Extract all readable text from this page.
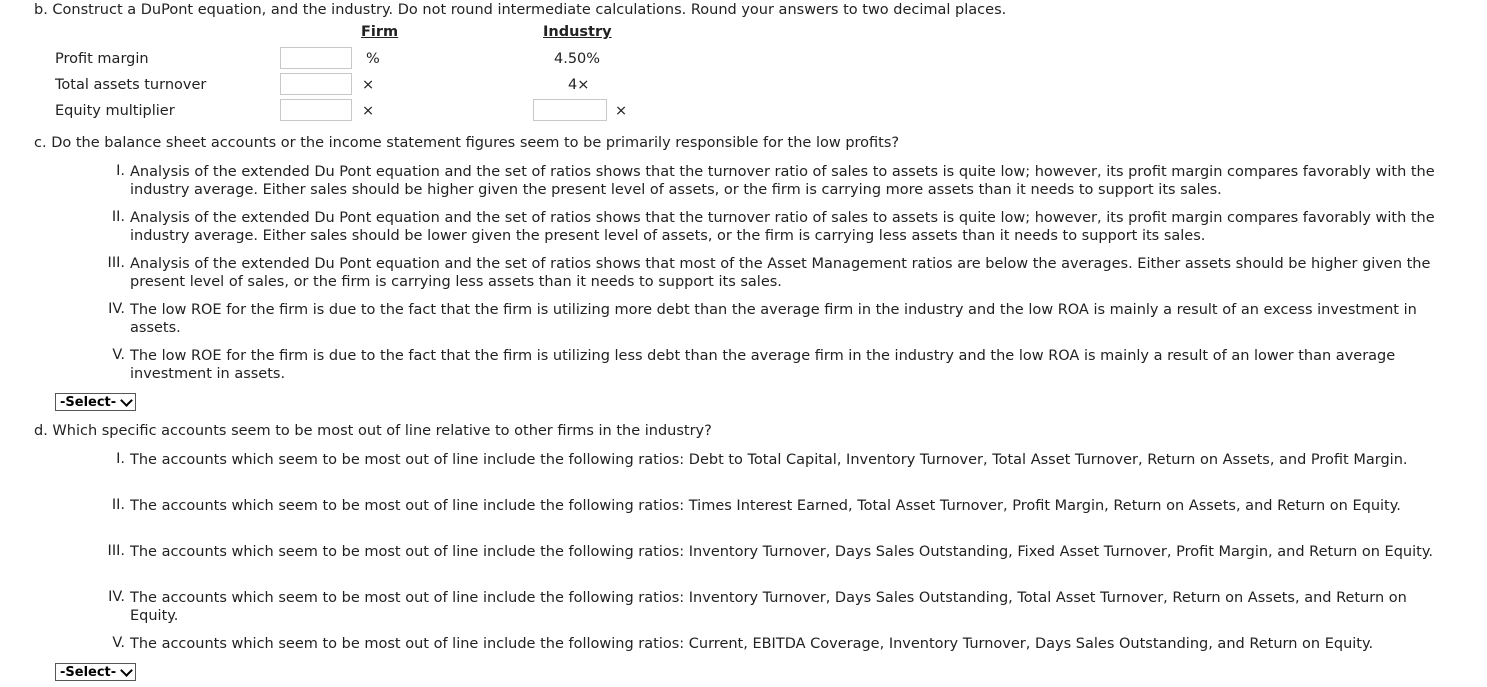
b. Construct a DuPont equation, and the industry. Do not round intermediate calculations. Round your answers to two decimal places.
Firm	Industry
Profit margin	%	4.50%
Total assets turnover	×	4×
Equity multiplier	×	×
c. Do the balance sheet accounts or the income statement figures seem to be primarily responsible for the low profits?
I. Analysis of the extended Du Pont equation and the set of ratios shows that the turnover ratio of sales to assets is quite low; however, its profit margin compares favorably with the industry average. Either sales should be higher given the present level of assets, or the firm is carrying more assets than it needs to support its sales.
II. Analysis of the extended Du Pont equation and the set of ratios shows that the turnover ratio of sales to assets is quite low; however, its profit margin compares favorably with the industry average. Either sales should be lower given the present level of assets, or the firm is carrying less assets than it needs to support its sales.
III. Analysis of the extended Du Pont equation and the set of ratios shows that most of the Asset Management ratios are below the averages. Either assets should be higher given the present level of sales, or the firm is carrying less assets than it needs to support its sales.
IV. The low ROE for the firm is due to the fact that the firm is utilizing more debt than the average firm in the industry and the low ROA is mainly a result of an excess investment in assets.
V. The low ROE for the firm is due to the fact that the firm is utilizing less debt than the average firm in the industry and the low ROA is mainly a result of an lower than average investment in assets.
-Select-
d. Which specific accounts seem to be most out of line relative to other firms in the industry?
I. The accounts which seem to be most out of line include the following ratios: Debt to Total Capital, Inventory Turnover, Total Asset Turnover, Return on Assets, and Profit Margin.
II. The accounts which seem to be most out of line include the following ratios: Times Interest Earned, Total Asset Turnover, Profit Margin, Return on Assets, and Return on Equity.
III. The accounts which seem to be most out of line include the following ratios: Inventory Turnover, Days Sales Outstanding, Fixed Asset Turnover, Profit Margin, and Return on Equity.
IV. The accounts which seem to be most out of line include the following ratios: Inventory Turnover, Days Sales Outstanding, Total Asset Turnover, Return on Assets, and Return on Equity.
V. The accounts which seem to be most out of line include the following ratios: Current, EBITDA Coverage, Inventory Turnover, Days Sales Outstanding, and Return on Equity.
-Select-
